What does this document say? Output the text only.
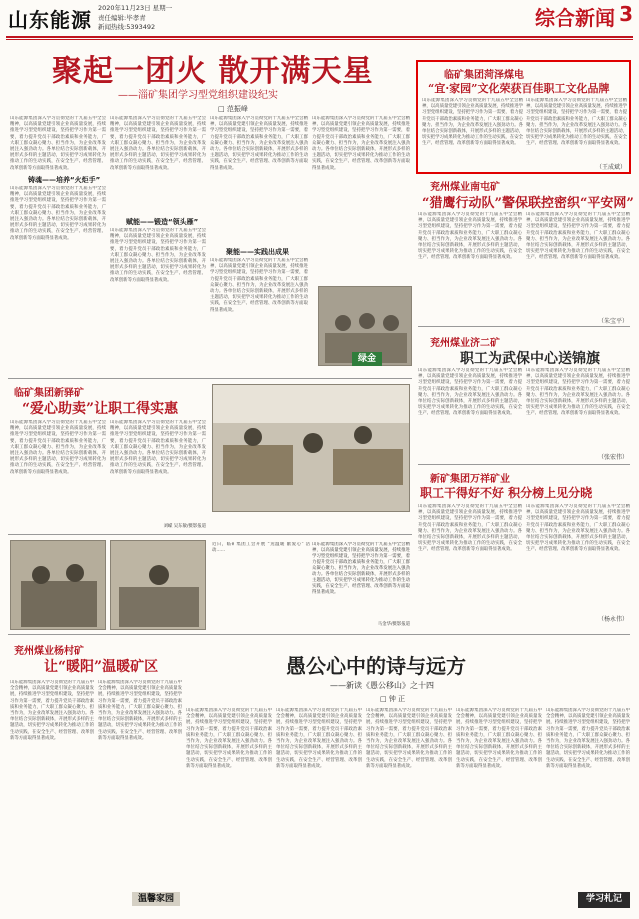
山东能源 2020年11月23日 星期一
责任编辑:毕孝青
新闻热线:5393492	综合新闻 3
聚起一团火 散开满天星
——淄矿集团学习型党组织建设纪实
□ 范振峰
山东能源集团深入学习贯彻党的十九届五中全会精神，以高质量党建引领企业高质量发展，持续推进学习型党组织建设，坚持把学习作为第一需要，着力提升党员干部政治素质和业务能力，广大职工群众凝心聚力、担当作为，为企业改革发展注入强劲动力。各单位结合实际创新载体，开展形式多样的主题活动，切实把学习成果转化为推动工作的生动实践，在安全生产、经营管理、改革创新等方面取得显著成效。
铸魂——培养“火炬手”
山东能源集团深入学习贯彻党的十九届五中全会精神，以高质量党建引领企业高质量发展，持续推进学习型党组织建设，坚持把学习作为第一需要，着力提升党员干部政治素质和业务能力，广大职工群众凝心聚力、担当作为，为企业改革发展注入强劲动力。各单位结合实际创新载体，开展形式多样的主题活动，切实把学习成果转化为推动工作的生动实践，在安全生产、经营管理、改革创新等方面取得显著成效。
山东能源集团深入学习贯彻党的十九届五中全会精神，以高质量党建引领企业高质量发展，持续推进学习型党组织建设，坚持把学习作为第一需要，着力提升党员干部政治素质和业务能力，广大职工群众凝心聚力、担当作为，为企业改革发展注入强劲动力。各单位结合实际创新载体，开展形式多样的主题活动，切实把学习成果转化为推动工作的生动实践，在安全生产、经营管理、改革创新等方面取得显著成效。
赋能——锻造“领头雁”
山东能源集团深入学习贯彻党的十九届五中全会精神，以高质量党建引领企业高质量发展，持续推进学习型党组织建设，坚持把学习作为第一需要，着力提升党员干部政治素质和业务能力，广大职工群众凝心聚力、担当作为，为企业改革发展注入强劲动力。各单位结合实际创新载体，开展形式多样的主题活动，切实把学习成果转化为推动工作的生动实践，在安全生产、经营管理、改革创新等方面取得显著成效。
山东能源集团深入学习贯彻党的十九届五中全会精神，以高质量党建引领企业高质量发展，持续推进学习型党组织建设，坚持把学习作为第一需要，着力提升党员干部政治素质和业务能力，广大职工群众凝心聚力、担当作为，为企业改革发展注入强劲动力。各单位结合实际创新载体，开展形式多样的主题活动，切实把学习成果转化为推动工作的生动实践，在安全生产、经营管理、改革创新等方面取得显著成效。
聚能——实践出成果
山东能源集团深入学习贯彻党的十九届五中全会精神，以高质量党建引领企业高质量发展，持续推进学习型党组织建设，坚持把学习作为第一需要，着力提升党员干部政治素质和业务能力，广大职工群众凝心聚力、担当作为，为企业改革发展注入强劲动力。各单位结合实际创新载体，开展形式多样的主题活动，切实把学习成果转化为推动工作的生动实践，在安全生产、经营管理、改革创新等方面取得显著成效。
山东能源集团深入学习贯彻党的十九届五中全会精神，以高质量党建引领企业高质量发展，持续推进学习型党组织建设，坚持把学习作为第一需要，着力提升党员干部政治素质和业务能力，广大职工群众凝心聚力、担当作为，为企业改革发展注入强劲动力。各单位结合实际创新载体，开展形式多样的主题活动，切实把学习成果转化为推动工作的生动实践，在安全生产、经营管理、改革创新等方面取得显著成效。
绿金
临矿集团菏泽煤电
“宜·家园”文化荣获百佳职工文化品牌
山东能源集团深入学习贯彻党的十九届五中全会精神，以高质量党建引领企业高质量发展，持续推进学习型党组织建设，坚持把学习作为第一需要，着力提升党员干部政治素质和业务能力，广大职工群众凝心聚力、担当作为，为企业改革发展注入强劲动力。各单位结合实际创新载体，开展形式多样的主题活动，切实把学习成果转化为推动工作的生动实践，在安全生产、经营管理、改革创新等方面取得显著成效。
山东能源集团深入学习贯彻党的十九届五中全会精神，以高质量党建引领企业高质量发展，持续推进学习型党组织建设，坚持把学习作为第一需要，着力提升党员干部政治素质和业务能力，广大职工群众凝心聚力、担当作为，为企业改革发展注入强劲动力。各单位结合实际创新载体，开展形式多样的主题活动，切实把学习成果转化为推动工作的生动实践，在安全生产、经营管理、改革创新等方面取得显著成效。
（王成斌）
兖州煤业南屯矿
“猎鹰行动队”警保联控密织“平安网”
山东能源集团深入学习贯彻党的十九届五中全会精神，以高质量党建引领企业高质量发展，持续推进学习型党组织建设，坚持把学习作为第一需要，着力提升党员干部政治素质和业务能力，广大职工群众凝心聚力、担当作为，为企业改革发展注入强劲动力。各单位结合实际创新载体，开展形式多样的主题活动，切实把学习成果转化为推动工作的生动实践，在安全生产、经营管理、改革创新等方面取得显著成效。
山东能源集团深入学习贯彻党的十九届五中全会精神，以高质量党建引领企业高质量发展，持续推进学习型党组织建设，坚持把学习作为第一需要，着力提升党员干部政治素质和业务能力，广大职工群众凝心聚力、担当作为，为企业改革发展注入强劲动力。各单位结合实际创新载体，开展形式多样的主题活动，切实把学习成果转化为推动工作的生动实践，在安全生产、经营管理、改革创新等方面取得显著成效。
（朱宝平）
兖州煤业济二矿
职工为武保中心送锦旗
山东能源集团深入学习贯彻党的十九届五中全会精神，以高质量党建引领企业高质量发展，持续推进学习型党组织建设，坚持把学习作为第一需要，着力提升党员干部政治素质和业务能力，广大职工群众凝心聚力、担当作为，为企业改革发展注入强劲动力。各单位结合实际创新载体，开展形式多样的主题活动，切实把学习成果转化为推动工作的生动实践，在安全生产、经营管理、改革创新等方面取得显著成效。
山东能源集团深入学习贯彻党的十九届五中全会精神，以高质量党建引领企业高质量发展，持续推进学习型党组织建设，坚持把学习作为第一需要，着力提升党员干部政治素质和业务能力，广大职工群众凝心聚力、担当作为，为企业改革发展注入强劲动力。各单位结合实际创新载体，开展形式多样的主题活动，切实把学习成果转化为推动工作的生动实践，在安全生产、经营管理、改革创新等方面取得显著成效。
（张宏伟）
新矿集团万祥矿业
职工干得好不好 积分榜上见分晓
山东能源集团深入学习贯彻党的十九届五中全会精神，以高质量党建引领企业高质量发展，持续推进学习型党组织建设，坚持把学习作为第一需要，着力提升党员干部政治素质和业务能力，广大职工群众凝心聚力、担当作为，为企业改革发展注入强劲动力。各单位结合实际创新载体，开展形式多样的主题活动，切实把学习成果转化为推动工作的生动实践，在安全生产、经营管理、改革创新等方面取得显著成效。
山东能源集团深入学习贯彻党的十九届五中全会精神，以高质量党建引领企业高质量发展，持续推进学习型党组织建设，坚持把学习作为第一需要，着力提升党员干部政治素质和业务能力，广大职工群众凝心聚力、担当作为，为企业改革发展注入强劲动力。各单位结合实际创新载体，开展形式多样的主题活动，切实把学习成果转化为推动工作的生动实践，在安全生产、经营管理、改革创新等方面取得显著成效。
（杨永伟）
临矿集团新驿矿
“爱心助卖”让职工得实惠
山东能源集团深入学习贯彻党的十九届五中全会精神，以高质量党建引领企业高质量发展，持续推进学习型党组织建设，坚持把学习作为第一需要，着力提升党员干部政治素质和业务能力，广大职工群众凝心聚力、担当作为，为企业改革发展注入强劲动力。各单位结合实际创新载体，开展形式多样的主题活动，切实把学习成果转化为推动工作的生动实践，在安全生产、经营管理、改革创新等方面取得显著成效。
山东能源集团深入学习贯彻党的十九届五中全会精神，以高质量党建引领企业高质量发展，持续推进学习型党组织建设，坚持把学习作为第一需要，着力提升党员干部政治素质和业务能力，广大职工群众凝心聚力、担当作为，为企业改革发展注入强劲动力。各单位结合实际创新载体，开展形式多样的主题活动，切实把学习成果转化为推动工作的生动实践，在安全生产、经营管理、改革创新等方面取得显著成效。
刘嵘 吴东敏/摄影报道
近日，临矿集团工会开展 “送温暖 献爱心” 活动……
山东能源集团深入学习贯彻党的十九届五中全会精神，以高质量党建引领企业高质量发展，持续推进学习型党组织建设，坚持把学习作为第一需要，着力提升党员干部政治素质和业务能力，广大职工群众凝心聚力、担当作为，为企业改革发展注入强劲动力。各单位结合实际创新载体，开展形式多样的主题活动，切实把学习成果转化为推动工作的生动实践，在安全生产、经营管理、改革创新等方面取得显著成效。
马金华/摄影报道
兖州煤业杨村矿
让“暖阳”温暖矿区
山东能源集团深入学习贯彻党的十九届五中全会精神，以高质量党建引领企业高质量发展，持续推进学习型党组织建设，坚持把学习作为第一需要，着力提升党员干部政治素质和业务能力，广大职工群众凝心聚力、担当作为，为企业改革发展注入强劲动力。各单位结合实际创新载体，开展形式多样的主题活动，切实把学习成果转化为推动工作的生动实践，在安全生产、经营管理、改革创新等方面取得显著成效。
山东能源集团深入学习贯彻党的十九届五中全会精神，以高质量党建引领企业高质量发展，持续推进学习型党组织建设，坚持把学习作为第一需要，着力提升党员干部政治素质和业务能力，广大职工群众凝心聚力、担当作为，为企业改革发展注入强劲动力。各单位结合实际创新载体，开展形式多样的主题活动，切实把学习成果转化为推动工作的生动实践，在安全生产、经营管理、改革创新等方面取得显著成效。
温馨家园
愚公心中的诗与远方
——新读《愚公移山》之十四
□ 钟 正
山东能源集团深入学习贯彻党的十九届五中全会精神，以高质量党建引领企业高质量发展，持续推进学习型党组织建设，坚持把学习作为第一需要，着力提升党员干部政治素质和业务能力，广大职工群众凝心聚力、担当作为，为企业改革发展注入强劲动力。各单位结合实际创新载体，开展形式多样的主题活动，切实把学习成果转化为推动工作的生动实践，在安全生产、经营管理、改革创新等方面取得显著成效。
山东能源集团深入学习贯彻党的十九届五中全会精神，以高质量党建引领企业高质量发展，持续推进学习型党组织建设，坚持把学习作为第一需要，着力提升党员干部政治素质和业务能力，广大职工群众凝心聚力、担当作为，为企业改革发展注入强劲动力。各单位结合实际创新载体，开展形式多样的主题活动，切实把学习成果转化为推动工作的生动实践，在安全生产、经营管理、改革创新等方面取得显著成效。
山东能源集团深入学习贯彻党的十九届五中全会精神，以高质量党建引领企业高质量发展，持续推进学习型党组织建设，坚持把学习作为第一需要，着力提升党员干部政治素质和业务能力，广大职工群众凝心聚力、担当作为，为企业改革发展注入强劲动力。各单位结合实际创新载体，开展形式多样的主题活动，切实把学习成果转化为推动工作的生动实践，在安全生产、经营管理、改革创新等方面取得显著成效。
山东能源集团深入学习贯彻党的十九届五中全会精神，以高质量党建引领企业高质量发展，持续推进学习型党组织建设，坚持把学习作为第一需要，着力提升党员干部政治素质和业务能力，广大职工群众凝心聚力、担当作为，为企业改革发展注入强劲动力。各单位结合实际创新载体，开展形式多样的主题活动，切实把学习成果转化为推动工作的生动实践，在安全生产、经营管理、改革创新等方面取得显著成效。
山东能源集团深入学习贯彻党的十九届五中全会精神，以高质量党建引领企业高质量发展，持续推进学习型党组织建设，坚持把学习作为第一需要，着力提升党员干部政治素质和业务能力，广大职工群众凝心聚力、担当作为，为企业改革发展注入强劲动力。各单位结合实际创新载体，开展形式多样的主题活动，切实把学习成果转化为推动工作的生动实践，在安全生产、经营管理、改革创新等方面取得显著成效。
学习札记
